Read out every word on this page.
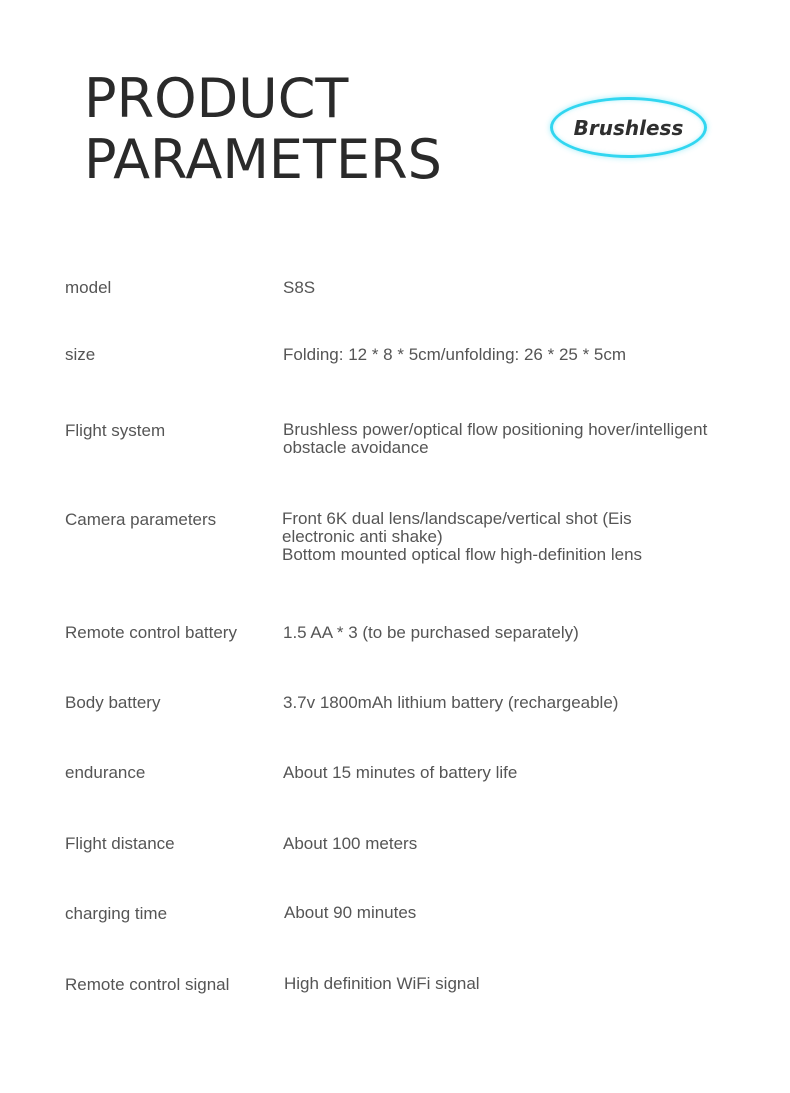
PRODUCT
PARAMETERS
Brushless
model	S8S
size	Folding: 12 * 8 * 5cm/unfolding: 26 * 25 * 5cm
Flight system	Brushless power/optical flow positioning hover/intelligent
obstacle avoidance
Camera parameters	Front 6K dual lens/landscape/vertical shot (Eis
electronic anti shake)
Bottom mounted optical flow high-definition lens
Remote control battery	1.5 AA * 3 (to be purchased separately)
Body battery	3.7v 1800mAh lithium battery (rechargeable)
endurance	About 15 minutes of battery life
Flight distance	About 100 meters
charging time	About 90 minutes
Remote control signal	High definition WiFi signal
